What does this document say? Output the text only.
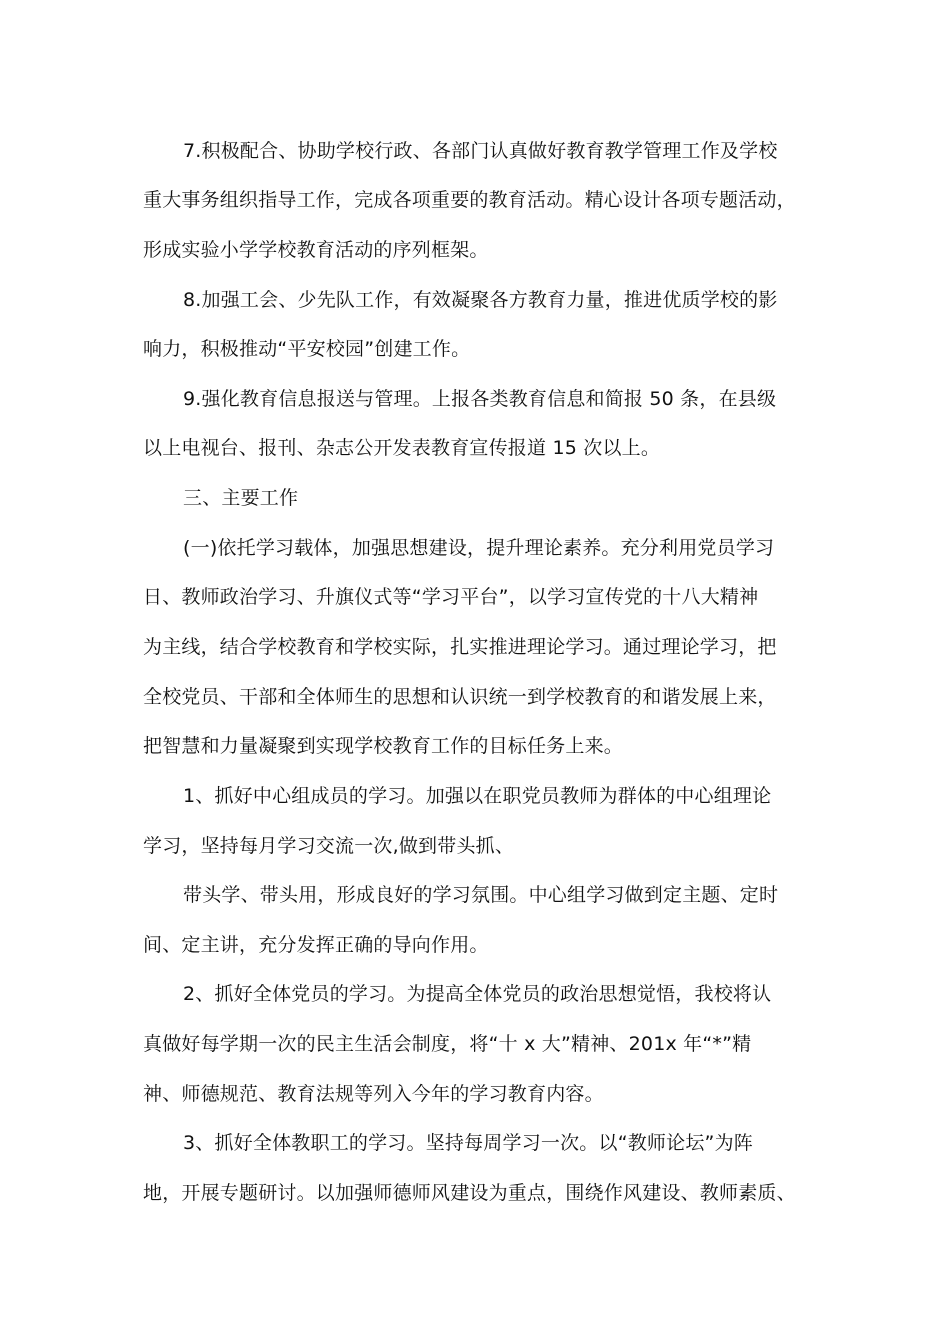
7.积极配合、协助学校行政、各部门认真做好教育教学管理工作及学校
重大事务组织指导工作，完成各项重要的教育活动。精心设计各项专题活动，
形成实验小学学校教育活动的序列框架。
8.加强工会、少先队工作，有效凝聚各方教育力量，推进优质学校的影
响力，积极推动“平安校园”创建工作。
9.强化教育信息报送与管理。上报各类教育信息和简报 50 条，在县级
以上电视台、报刊、杂志公开发表教育宣传报道 15 次以上。
三、主要工作
(一)依托学习载体，加强思想建设，提升理论素养。充分利用党员学习
日、教师政治学习、升旗仪式等“学习平台”，以学习宣传党的十八大精神
为主线，结合学校教育和学校实际，扎实推进理论学习。通过理论学习，把
全校党员、干部和全体师生的思想和认识统一到学校教育的和谐发展上来，
把智慧和力量凝聚到实现学校教育工作的目标任务上来。
1、抓好中心组成员的学习。加强以在职党员教师为群体的中心组理论
学习，坚持每月学习交流一次,做到带头抓、
带头学、带头用，形成良好的学习氛围。中心组学习做到定主题、定时
间、定主讲，充分发挥正确的导向作用。
2、抓好全体党员的学习。为提高全体党员的政治思想觉悟，我校将认
真做好每学期一次的民主生活会制度，将“十 x 大”精神、201x 年“*”精
神、师德规范、教育法规等列入今年的学习教育内容。
3、抓好全体教职工的学习。坚持每周学习一次。以“教师论坛”为阵
地，开展专题研讨。以加强师德师风建设为重点，围绕作风建设、教师素质、
